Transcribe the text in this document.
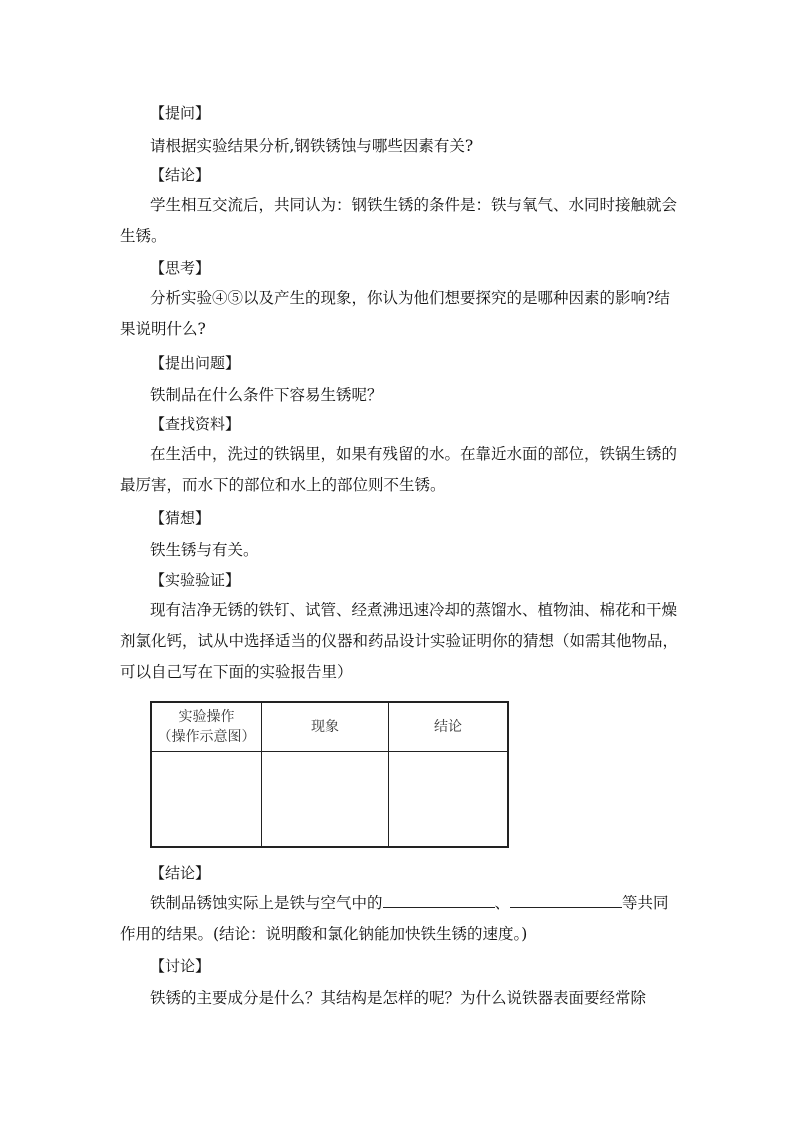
【提问】
请根据实验结果分析,钢铁锈蚀与哪些因素有关?
【结论】
学生相互交流后，共同认为：钢铁生锈的条件是：铁与氧气、水同时接触就会生锈。
【思考】
分析实验④⑤以及产生的现象，你认为他们想要探究的是哪种因素的影响?结果说明什么?
【提出问题】
铁制品在什么条件下容易生锈呢？
【查找资料】
在生活中，洗过的铁锅里，如果有残留的水。在靠近水面的部位，铁锅生锈的最厉害，而水下的部位和水上的部位则不生锈。
【猜想】
铁生锈与有关。
【实验验证】
现有洁净无锈的铁钉、试管、经煮沸迅速冷却的蒸馏水、植物油、棉花和干燥剂氯化钙，试从中选择适当的仪器和药品设计实验证明你的猜想（如需其他物品，可以自己写在下面的实验报告里）
实验操作
（操作示意图）	现象	结论

【结论】
铁制品锈蚀实际上是铁与空气中的	、	等共同作用的结果。(结论：说明酸和氯化钠能加快铁生锈的速度。)
【讨论】
铁锈的主要成分是什么？其结构是怎样的呢？为什么说铁器表面要经常除
